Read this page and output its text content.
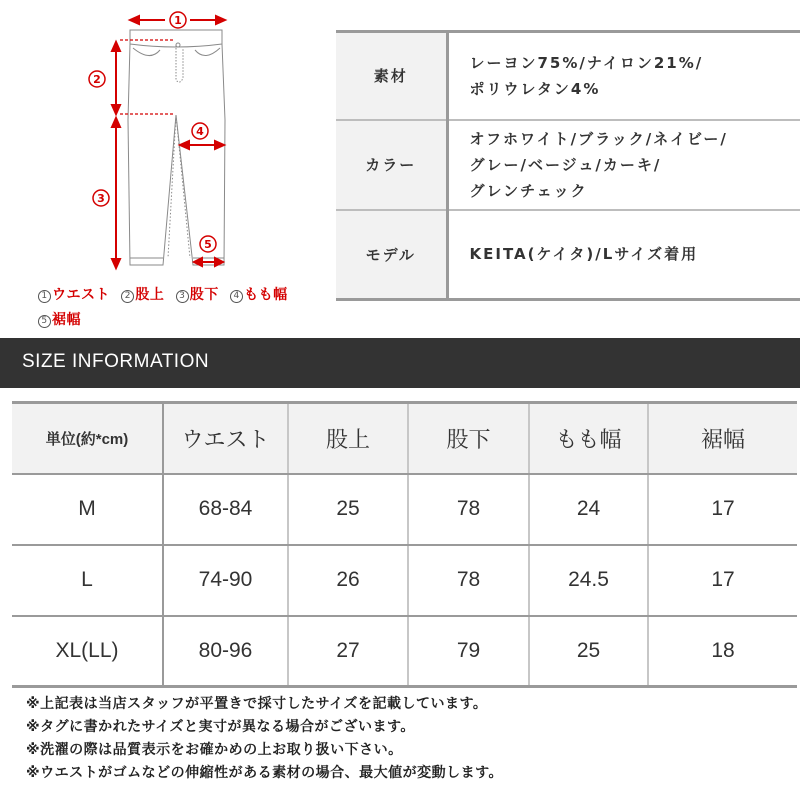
1
2
3
4
5
1 ウエスト 2 股上 3 股下 4 もも幅
5 裾幅
素材	レーヨン75%/ナイロン21%/
ポリウレタン4%

カラー	オフホワイト/ブラック/ネイビー/
グレー/ベージュ/カーキ/
グレンチェック

モデル	KEITA(ケイタ)/Lサイズ着用
SIZE INFORMATION
単位(約*cm)	ウエスト	股上	股下	もも幅	裾幅
M	68-84	25	78	24	17
L	74-90	26	78	24.5	17
XL(LL)	80-96	27	79	25	18
※上記表は当店スタッフが平置きで採寸したサイズを記載しています。
※タグに書かれたサイズと実寸が異なる場合がございます。
※洗濯の際は品質表示をお確かめの上お取り扱い下さい。
※ウエストがゴムなどの伸縮性がある素材の場合、最大値が変動します。
